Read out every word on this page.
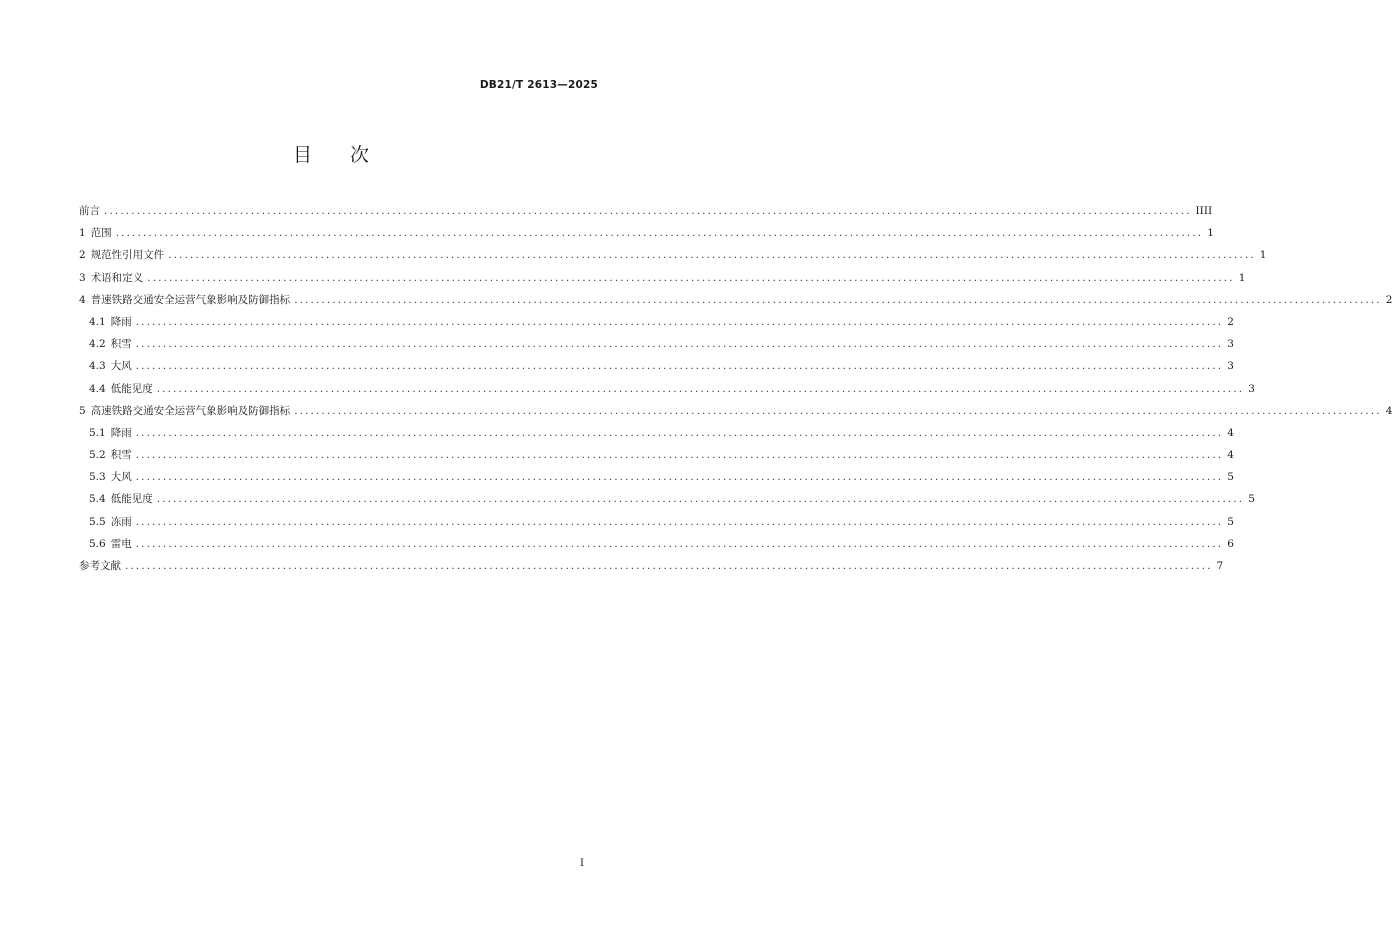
DB21/T 2613—2025
目 次
前言 ........................................................................................................................................................................................................ IIII
1 范围 ........................................................................................................................................................................................................ 1
2 规范性引用文件 ........................................................................................................................................................................................................ 1
3 术语和定义 ........................................................................................................................................................................................................ 1
4 普速铁路交通安全运营气象影响及防御指标 ........................................................................................................................................................................................................ 2
4.1 降雨 ........................................................................................................................................................................................................ 2
4.2 积雪 ........................................................................................................................................................................................................ 3
4.3 大风 ........................................................................................................................................................................................................ 3
4.4 低能见度 ........................................................................................................................................................................................................ 3
5 高速铁路交通安全运营气象影响及防御指标 ........................................................................................................................................................................................................ 4
5.1 降雨 ........................................................................................................................................................................................................ 4
5.2 积雪 ........................................................................................................................................................................................................ 4
5.3 大风 ........................................................................................................................................................................................................ 5
5.4 低能见度 ........................................................................................................................................................................................................ 5
5.5 冻雨 ........................................................................................................................................................................................................ 5
5.6 雷电 ........................................................................................................................................................................................................ 6
参考文献 ........................................................................................................................................................................................................ 7
I
